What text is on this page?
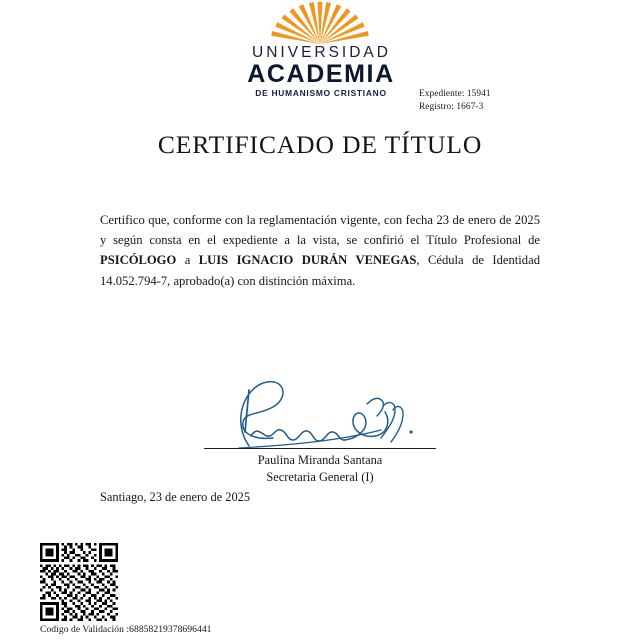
UNIVERSIDAD
ACADEMIA
DE HUMANISMO CRISTIANO	Expediente: 15941
Registro: 1667-3
CERTIFICADO DE TÍTULO

Certifico que, conforme con la reglamentación vigente, con fecha 23 de enero de 2025 y según consta en el expediente a la vista, se confirió el Título Profesional de PSICÓLOGO a LUIS IGNACIO DURÁN VENEGAS, Cédula de Identidad 14.052.794-7, aprobado(a) con distinción máxima.

Paulina Miranda Santana
Secretaria General (I)
Santiago, 23 de enero de 2025
Codigo de Validación :68858219378696441
